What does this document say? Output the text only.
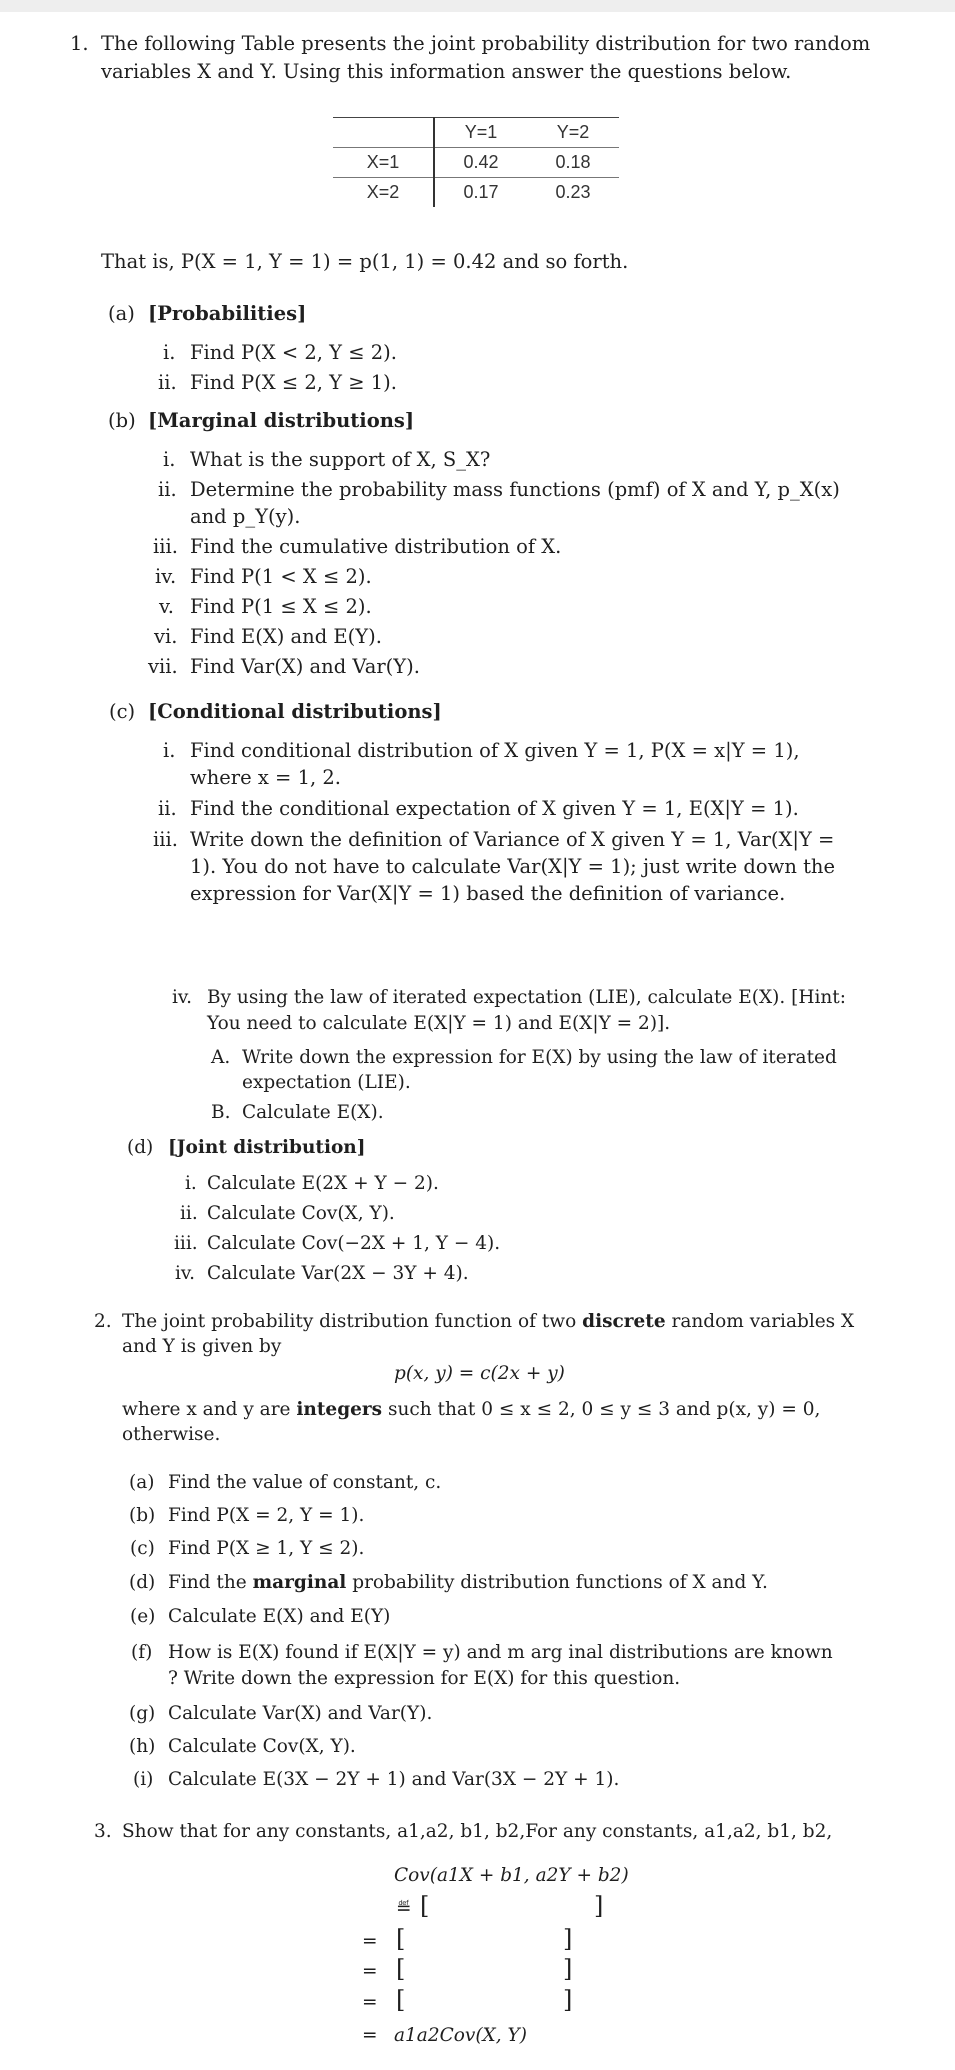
1. The following Table presents the joint probability distribution for two random
variables X and Y. Using this information answer the questions below.
	Y=1	Y=2
X=1	0.42	0.18
X=2	0.17	0.23
That is, P(X = 1, Y = 1) = p(1, 1) = 0.42 and so forth.
(a) [Probabilities]
i. Find P(X < 2, Y ≤ 2).
ii. Find P(X ≤ 2, Y ≥ 1).
(b) [Marginal distributions]
i. What is the support of X, S_X?
ii. Determine the probability mass functions (pmf) of X and Y, p_X(x)
and p_Y(y).
iii. Find the cumulative distribution of X.
iv. Find P(1 < X ≤ 2).
v. Find P(1 ≤ X ≤ 2).
vi. Find E(X) and E(Y).
vii. Find Var(X) and Var(Y).
(c) [Conditional distributions]
i. Find conditional distribution of X given Y = 1, P(X = x|Y = 1),
where x = 1, 2.
ii. Find the conditional expectation of X given Y = 1, E(X|Y = 1).
iii. Write down the definition of Variance of X given Y = 1, Var(X|Y =
1). You do not have to calculate Var(X|Y = 1); just write down the
expression for Var(X|Y = 1) based the definition of variance.
iv. By using the law of iterated expectation (LIE), calculate E(X). [Hint:
You need to calculate E(X|Y = 1) and E(X|Y = 2)].
A. Write down the expression for E(X) by using the law of iterated
expectation (LIE).
B. Calculate E(X).
(d) [Joint distribution]
i. Calculate E(2X + Y − 2).
ii. Calculate Cov(X, Y).
iii. Calculate Cov(−2X + 1, Y − 4).
iv. Calculate Var(2X − 3Y + 4).
2. The joint probability distribution function of two discrete random variables X
and Y is given by
p(x, y) = c(2x + y)
where x and y are integers such that 0 ≤ x ≤ 2, 0 ≤ y ≤ 3 and p(x, y) = 0,
otherwise.
(a) Find the value of constant, c.
(b) Find P(X = 2, Y = 1).
(c) Find P(X ≥ 1, Y ≤ 2).
(d) Find the marginal probability distribution functions of X and Y.
(e) Calculate E(X) and E(Y)
(f) How is E(X) found if E(X|Y = y) and m arg inal distributions are known
? Write down the expression for E(X) for this question.
(g) Calculate Var(X) and Var(Y).
(h) Calculate Cov(X, Y).
(i) Calculate E(3X − 2Y + 1) and Var(3X − 2Y + 1).
3. Show that for any constants, a1,a2, b1, b2,For any constants, a1,a2, b1, b2,
Cov(a1X + b1, a2Y + b2)
≝ [	]
= [	]
= [	]
= [	]
= a1a2Cov(X, Y)
